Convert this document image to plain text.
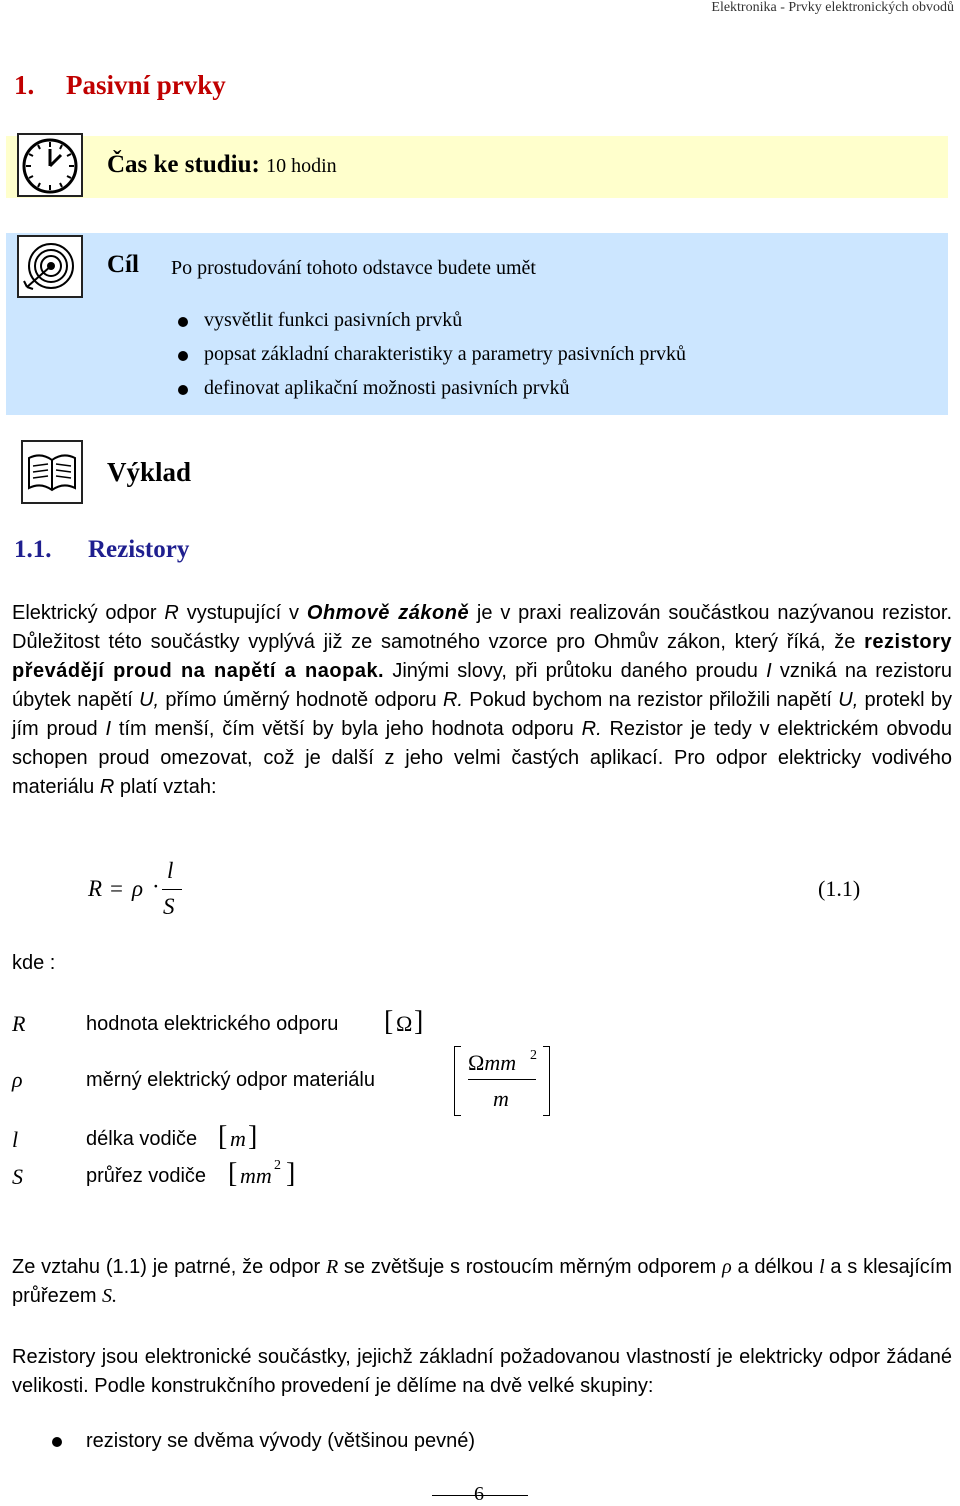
Elektronika - Prvky elektronických obvodů
1. Pasivní prvky
Čas ke studiu: 10 hodin
Cíl Po prostudování tohoto odstavce budete umět
vysvětlit funkci pasivních prvků
popsat základní charakteristiky a parametry pasivních prvků
definovat aplikační možnosti pasivních prvků
Výklad
1.1. Rezistory
Elektrický odpor R vystupující v Ohmově zákoně je v praxi realizován součástkou nazývanou rezistor. Důležitost této součástky vyplývá již ze samotného vzorce pro Ohmův zákon, který říká, že rezistory převádějí proud na napětí a naopak. Jinými slovy, při průtoku daného proudu I vzniká na rezistoru úbytek napětí U, přímo úměrný hodnotě odporu R. Pokud bychom na rezistor přiložili napětí U, protekl by jím proud I tím menší, čím větší by byla jeho hodnota odporu R. Rezistor je tedy v elektrickém obvodu schopen proud omezovat, což je další z jeho velmi častých aplikací. Pro odpor elektricky vodivého materiálu R platí vztah:
R = ρ ·
l
S
(1.1)
kde :
R	hodnota elektrického odporu [ Ω ]
ρ	měrný elektrický odpor materiálu
Ωmm 2
m
l	délka vodiče [ m ]
S	průřez vodiče [ mm 2 ]
Ze vztahu (1.1) je patrné, že odpor R se zvětšuje s rostoucím měrným odporem ρ a délkou l a s klesajícím průřezem S.
Rezistory jsou elektronické součástky, jejichž základní požadovanou vlastností je elektricky odpor žádané velikosti. Podle konstrukčního provedení je dělíme na dvě velké skupiny:
rezistory se dvěma vývody (většinou pevné)
6
